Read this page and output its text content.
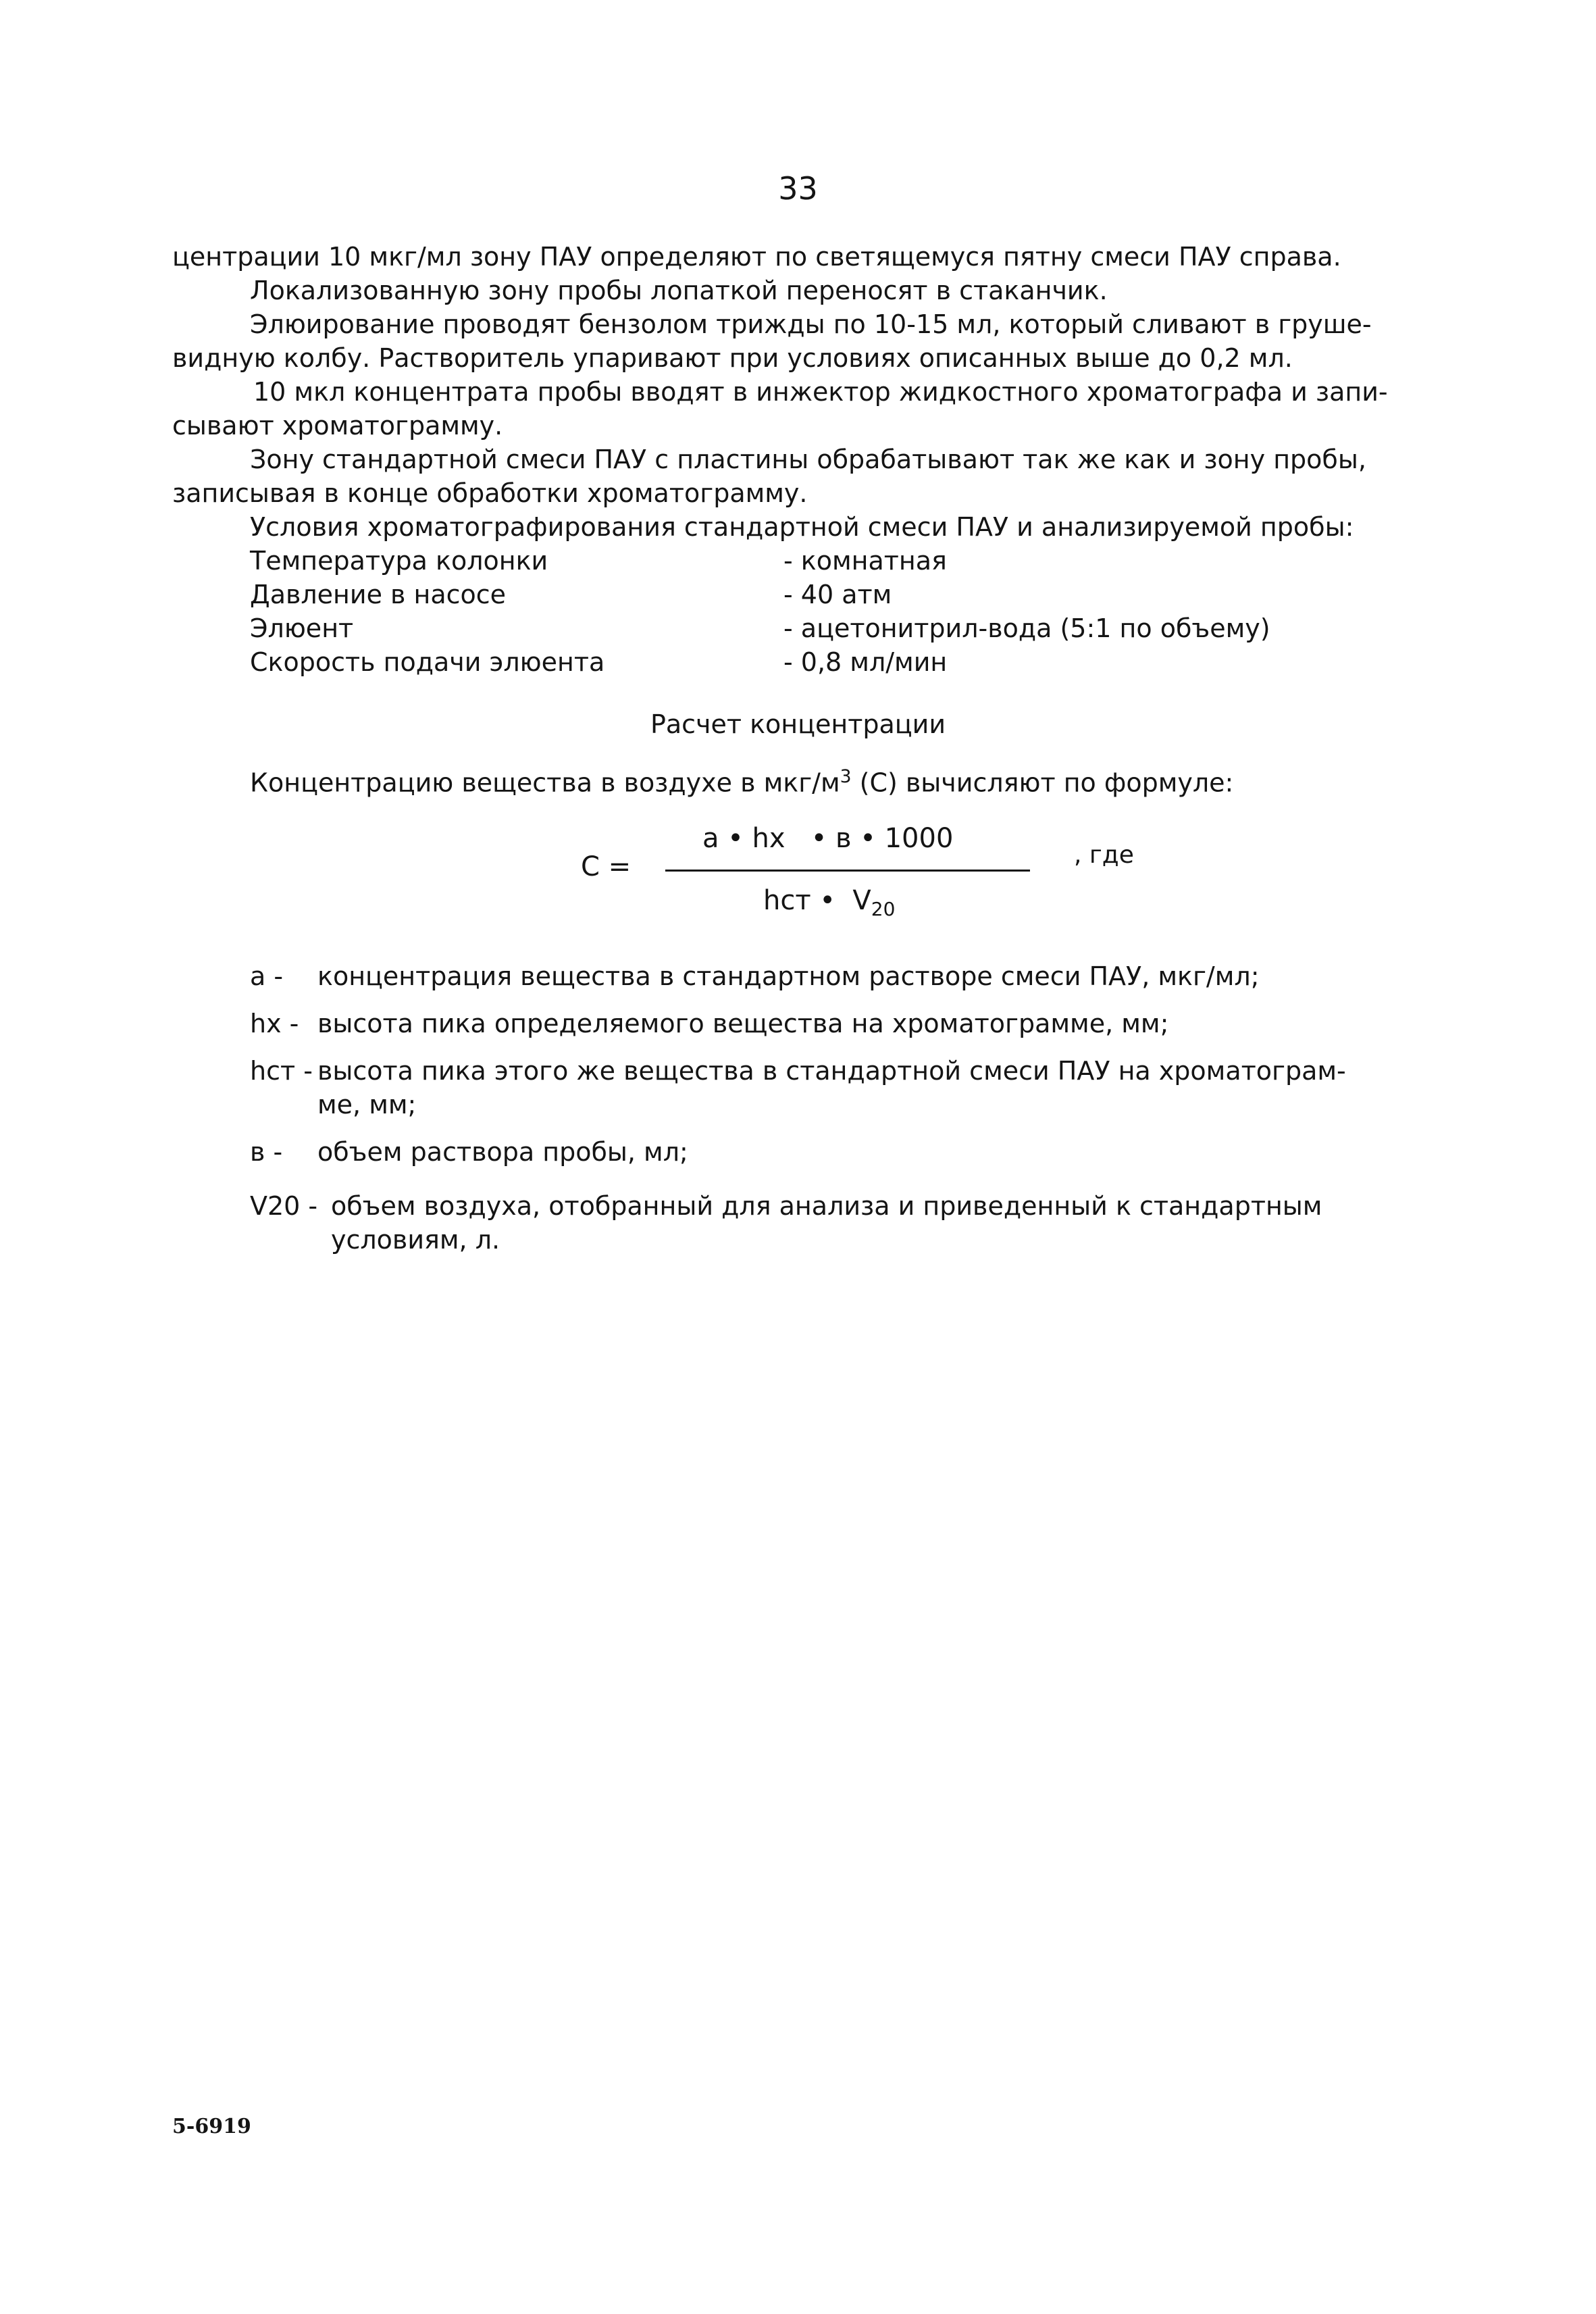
33
центрации 10 мкг/мл зону ПАУ определяют по светящемуся пятну смеси ПАУ справа.
Локализованную зону пробы лопаткой переносят в стаканчик.
Элюирование проводят бензолом трижды по 10-15 мл, который сливают в груше-
видную колбу. Растворитель упаривают при условиях описанных выше до 0,2 мл.
10 мкл концентрата пробы вводят в инжектор жидкостного хроматографа и запи-
сывают хроматограмму.
Зону стандартной смеси ПАУ с пластины обрабатывают так же как и зону пробы,
записывая в конце обработки хроматограмму.
Условия хроматографирования стандартной смеси ПАУ и анализируемой пробы:
Температура колонки	- комнатная
Давление в насосе	- 40 атм
Элюент	- ацетонитрил-вода (5:1 по объему)
Скорость подачи элюента	- 0,8 мл/мин
Расчет концентрации
Концентрацию вещества в воздухе в мкг/$м^3$ (С) вычисляют по формуле:
С =
а • hx   • в • 1000
hст •  $V_{20}$
, где
а - концентрация вещества в стандартном растворе смеси ПАУ, мкг/мл;
hx - высота пика определяемого вещества на хроматограмме, мм;
hст - высота пика этого же вещества в стандартной смеси ПАУ на хроматограм-
ме, мм;
в - объем раствора пробы, мл;
V20 - объем воздуха, отобранный для анализа и приведенный к стандартным
условиям, л.
5-6919
